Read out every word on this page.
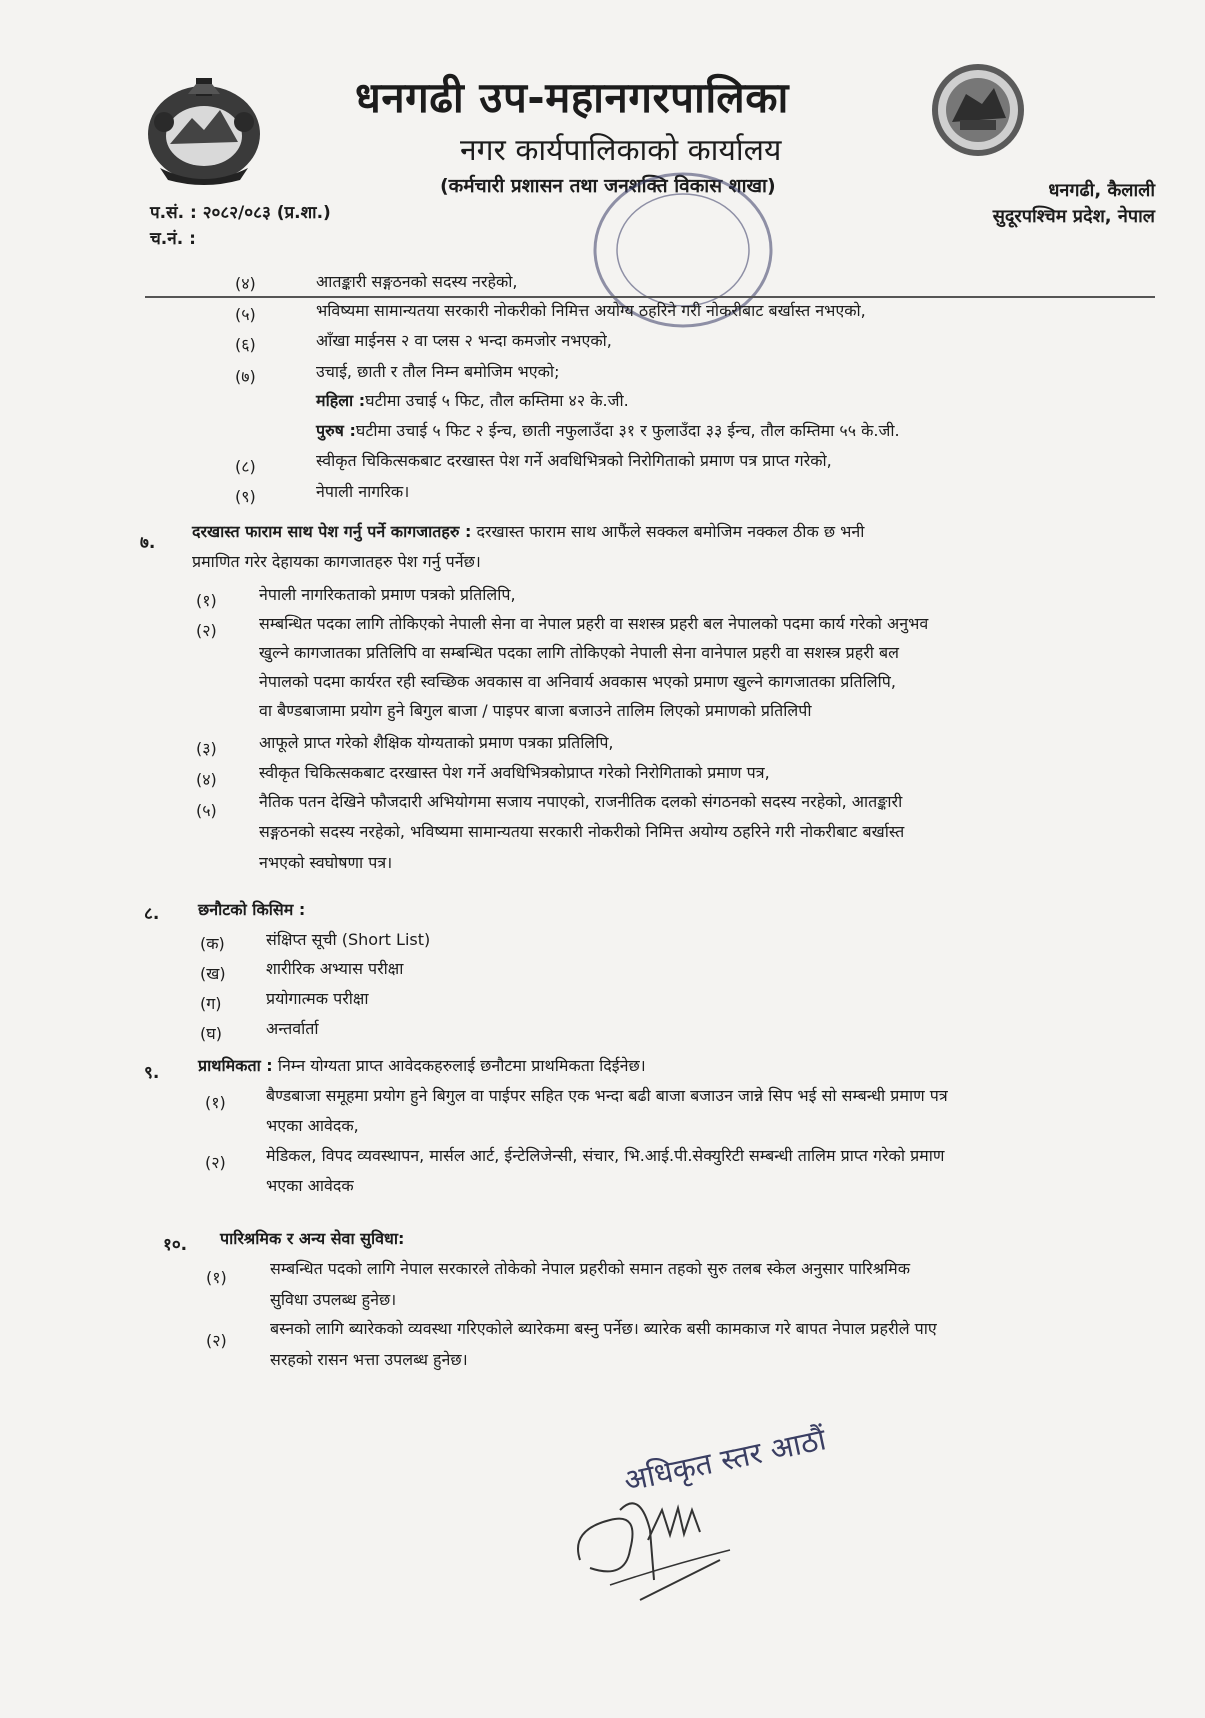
धनगढी उप-महानगरपालिका
नगर कार्यपालिकाको कार्यालय
(कर्मचारी प्रशासन तथा जनशक्ति विकास शाखा)
प.सं. : २०८२/०८३ (प्र.शा.)
च.नं. :
धनगढी, कैलाली
सुदूरपश्चिम प्रदेश, नेपाल
(४)	आतङ्कारी सङ्गठनको सदस्य नरहेको,
(५)	भविष्यमा सामान्यतया सरकारी नोकरीको निमित्त अयोग्य ठहरिने गरी नोकरीबाट बर्खास्त नभएको,
(६)	आँखा माईनस २ वा प्लस २ भन्दा कमजोर नभएको,
(७)	उचाई, छाती र तौल निम्न बमोजिम भएको;
महिला :घटीमा उचाई ५ फिट, तौल कम्तिमा ४२ के.जी.
पुरुष :घटीमा उचाई ५ फिट २ ईन्च, छाती नफुलाउँदा ३१ र फुलाउँदा ३३ ईन्च, तौल कम्तिमा ५५ के.जी.
(८)	स्वीकृत चिकित्सकबाट दरखास्त पेश गर्ने अवधिभित्रको निरोगिताको प्रमाण पत्र प्राप्त गरेको,
(९)	नेपाली नागरिक।
७.
दरखास्त फाराम साथ पेश गर्नु पर्ने कागजातहरु : दरखास्त फाराम साथ आफैंले सक्कल बमोजिम नक्कल ठीक छ भनी
प्रमाणित गरेर देहायका कागजातहरु पेश गर्नु पर्नेछ।
(१)	नेपाली नागरिकताको प्रमाण पत्रको प्रतिलिपि,
(२)	सम्बन्धित पदका लागि तोकिएको नेपाली सेना वा नेपाल प्रहरी वा सशस्त्र प्रहरी बल नेपालको पदमा कार्य गरेको अनुभव
खुल्ने कागजातका प्रतिलिपि वा सम्बन्धित पदका लागि तोकिएको नेपाली सेना वानेपाल प्रहरी वा सशस्त्र प्रहरी बल
नेपालको पदमा कार्यरत रही स्वच्छिक अवकास वा अनिवार्य अवकास भएको प्रमाण खुल्ने कागजातका प्रतिलिपि,
वा बैण्डबाजामा प्रयोग हुने बिगुल बाजा / पाइपर बाजा बजाउने तालिम लिएको प्रमाणको प्रतिलिपी
(३)	आफूले प्राप्त गरेको शैक्षिक योग्यताको प्रमाण पत्रका प्रतिलिपि,
(४)	स्वीकृत चिकित्सकबाट दरखास्त पेश गर्ने अवधिभित्रकोप्राप्त गरेको निरोगिताको प्रमाण पत्र,
(५)	नैतिक पतन देखिने फौजदारी अभियोगमा सजाय नपाएको, राजनीतिक दलको संगठनको सदस्य नरहेको, आतङ्कारी
सङ्गठनको सदस्य नरहेको, भविष्यमा सामान्यतया सरकारी नोकरीको निमित्त अयोग्य ठहरिने गरी नोकरीबाट बर्खास्त
नभएको स्वघोषणा पत्र।
८. छनौटको किसिम :
(क)	संक्षिप्त सूची (Short List)
(ख)	शारीरिक अभ्यास परीक्षा
(ग)	प्रयोगात्मक परीक्षा
(घ)	अन्तर्वार्ता
९. प्राथमिकता : निम्न योग्यता प्राप्त आवेदकहरुलाई छनौटमा प्राथमिकता दिईनेछ।
(१)	बैण्डबाजा समूहमा प्रयोग हुने बिगुल वा पाईपर सहित एक भन्दा बढी बाजा बजाउन जान्ने सिप भई सो सम्बन्धी प्रमाण पत्र
भएका आवेदक,
(२)	मेडिकल, विपद व्यवस्थापन, मार्सल आर्ट, ईन्टेलिजेन्सी, संचार, भि.आई.पी.सेक्युरिटी सम्बन्धी तालिम प्राप्त गरेको प्रमाण
भएका आवेदक
१०. पारिश्रमिक र अन्य सेवा सुविधा:
(१)	सम्बन्धित पदको लागि नेपाल सरकारले तोकेको नेपाल प्रहरीको समान तहको सुरु तलब स्केल अनुसार पारिश्रमिक
सुविधा उपलब्ध हुनेछ।
(२)
बस्नको लागि ब्यारेकको व्यवस्था गरिएकोले ब्यारेकमा बस्नु पर्नेछ। ब्यारेक बसी कामकाज गरे बापत नेपाल प्रहरीले पाए
सरहको रासन भत्ता उपलब्ध हुनेछ।
अधिकृत स्तर आठौं
